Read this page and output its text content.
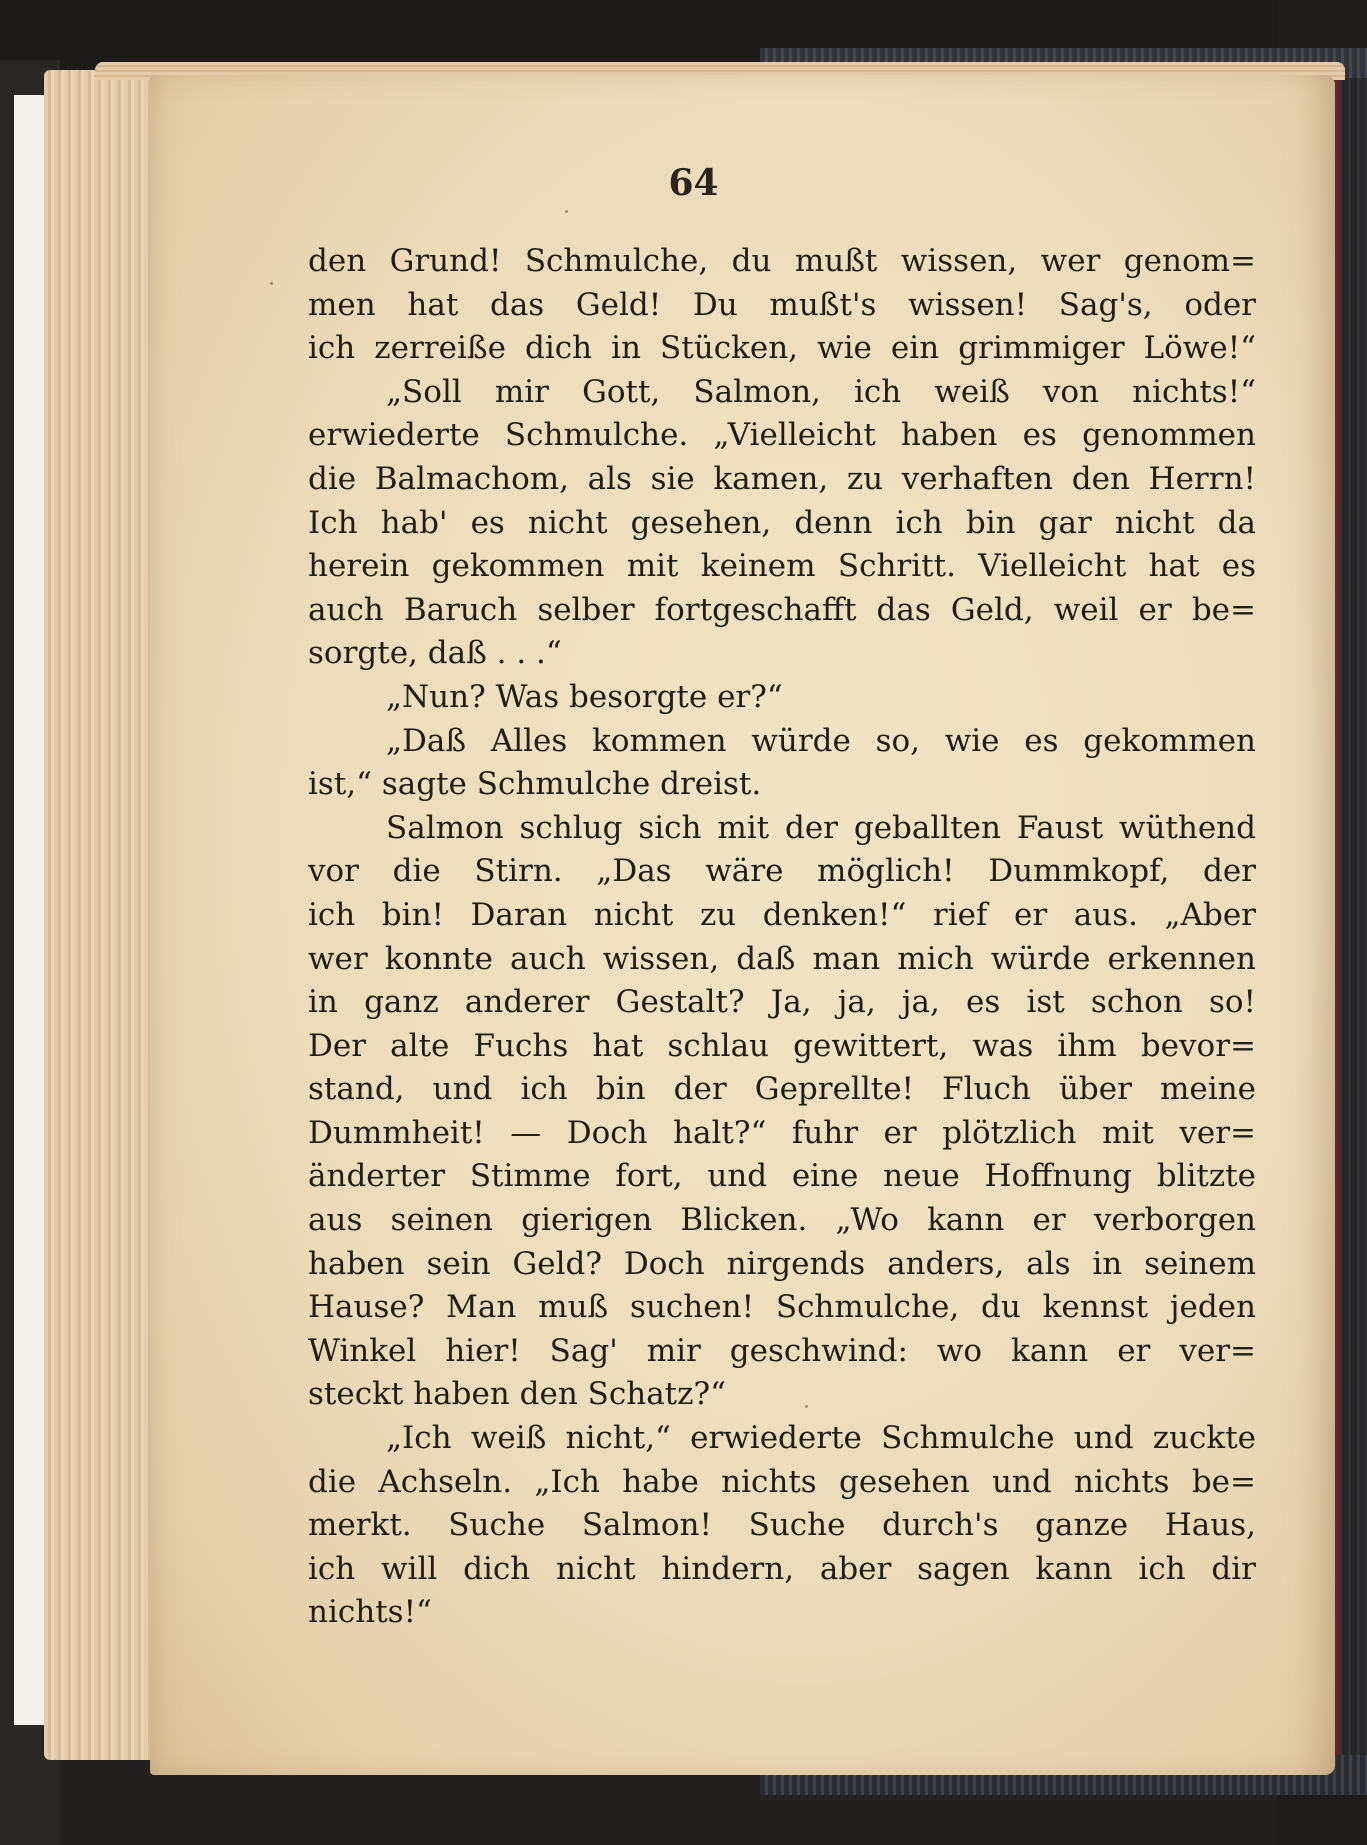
64
den Grund! Schmulche, du mußt wissen, wer genom=
men hat das Geld! Du mußt's wissen! Sag's, oder
ich zerreiße dich in Stücken, wie ein grimmiger Löwe!“
„Soll mir Gott, Salmon, ich weiß von nichts!“
erwiederte Schmulche. „Vielleicht haben es genommen
die Balmachom, als sie kamen, zu verhaften den Herrn!
Ich hab' es nicht gesehen, denn ich bin gar nicht da
herein gekommen mit keinem Schritt. Vielleicht hat es
auch Baruch selber fortgeschafft das Geld, weil er be=
sorgte, daß . . .“
„Nun? Was besorgte er?“
„Daß Alles kommen würde so, wie es gekommen
ist,“ sagte Schmulche dreist.
Salmon schlug sich mit der geballten Faust wüthend
vor die Stirn. „Das wäre möglich! Dummkopf, der
ich bin! Daran nicht zu denken!“ rief er aus. „Aber
wer konnte auch wissen, daß man mich würde erkennen
in ganz anderer Gestalt? Ja, ja, ja, es ist schon so!
Der alte Fuchs hat schlau gewittert, was ihm bevor=
stand, und ich bin der Geprellte! Fluch über meine
Dummheit! — Doch halt?“ fuhr er plötzlich mit ver=
änderter Stimme fort, und eine neue Hoffnung blitzte
aus seinen gierigen Blicken. „Wo kann er verborgen
haben sein Geld? Doch nirgends anders, als in seinem
Hause? Man muß suchen! Schmulche, du kennst jeden
Winkel hier! Sag' mir geschwind: wo kann er ver=
steckt haben den Schatz?“
„Ich weiß nicht,“ erwiederte Schmulche und zuckte
die Achseln. „Ich habe nichts gesehen und nichts be=
merkt. Suche Salmon! Suche durch's ganze Haus,
ich will dich nicht hindern, aber sagen kann ich dir
nichts!“
